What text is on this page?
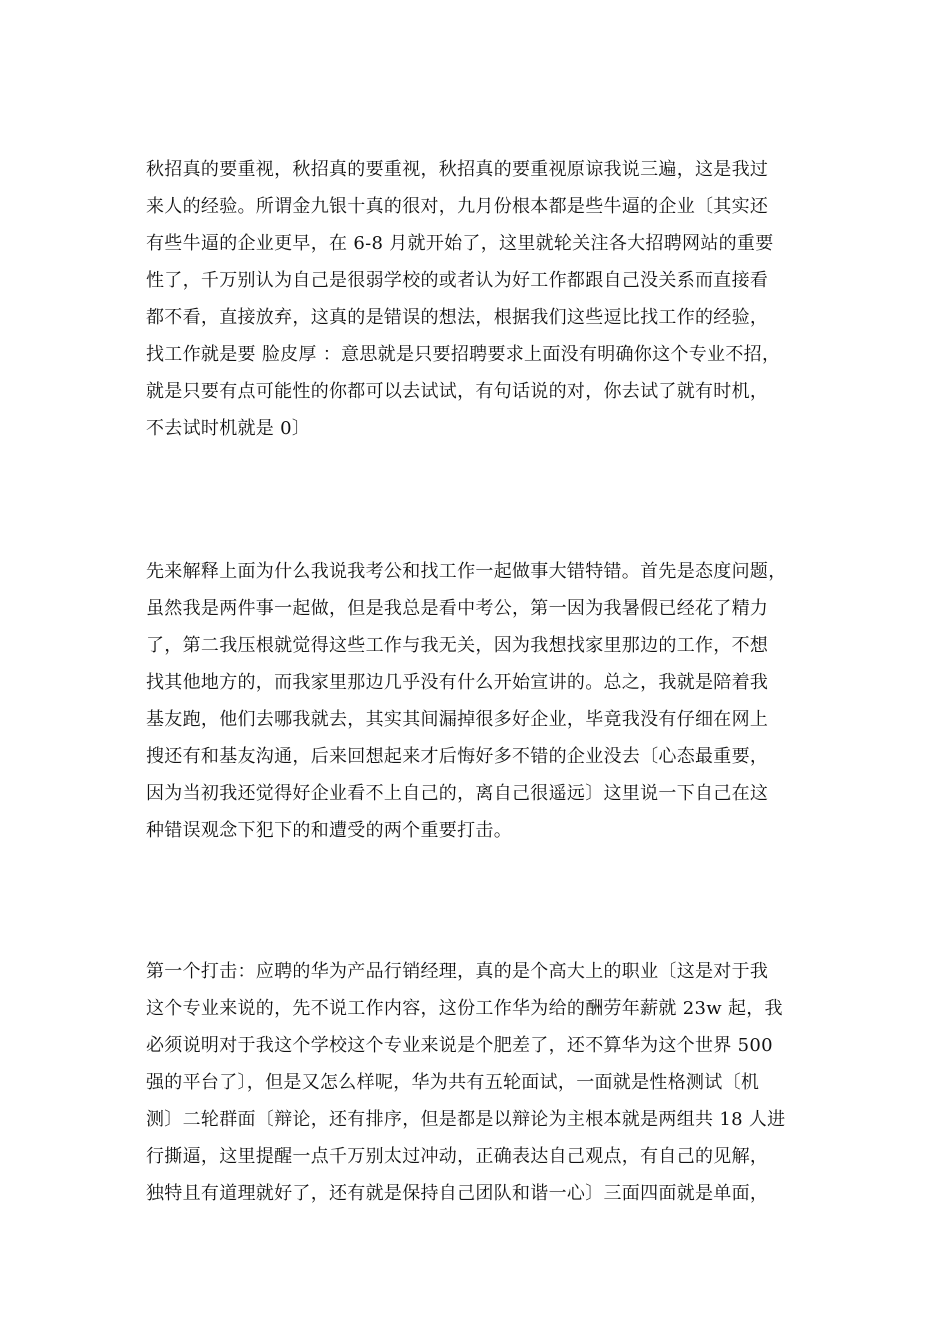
秋招真的要重视，秋招真的要重视，秋招真的要重视原谅我说三遍，这是我过
来人的经验。所谓金九银十真的很对，九月份根本都是些牛逼的企业〔其实还
有些牛逼的企业更早，在 6-8 月就开始了，这里就轮关注各大招聘网站的重要
性了，千万别认为自己是很弱学校的或者认为好工作都跟自己没关系而直接看
都不看，直接放弃，这真的是错误的想法，根据我们这些逗比找工作的经验，
找工作就是要 脸皮厚 ：意思就是只要招聘要求上面没有明确你这个专业不招，
就是只要有点可能性的你都可以去试试，有句话说的对，你去试了就有时机，
不去试时机就是 0〕
先来解释上面为什么我说我考公和找工作一起做事大错特错。首先是态度问题，
虽然我是两件事一起做，但是我总是看中考公，第一因为我暑假已经花了精力
了，第二我压根就觉得这些工作与我无关，因为我想找家里那边的工作，不想
找其他地方的，而我家里那边几乎没有什么开始宣讲的。总之，我就是陪着我
基友跑，他们去哪我就去，其实其间漏掉很多好企业，毕竟我没有仔细在网上
搜还有和基友沟通，后来回想起来才后悔好多不错的企业没去〔心态最重要，
因为当初我还觉得好企业看不上自己的，离自己很遥远〕这里说一下自己在这
种错误观念下犯下的和遭受的两个重要打击。
第一个打击：应聘的华为产品行销经理，真的是个高大上的职业〔这是对于我
这个专业来说的，先不说工作内容，这份工作华为给的酬劳年薪就 23w 起，我
必须说明对于我这个学校这个专业来说是个肥差了，还不算华为这个世界 500
强的平台了〕，但是又怎么样呢，华为共有五轮面试，一面就是性格测试〔机
测〕二轮群面〔辩论，还有排序，但是都是以辩论为主根本就是两组共 18 人进
行撕逼，这里提醒一点千万别太过冲动，正确表达自己观点，有自己的见解，
独特且有道理就好了，还有就是保持自己团队和谐一心〕三面四面就是单面，
